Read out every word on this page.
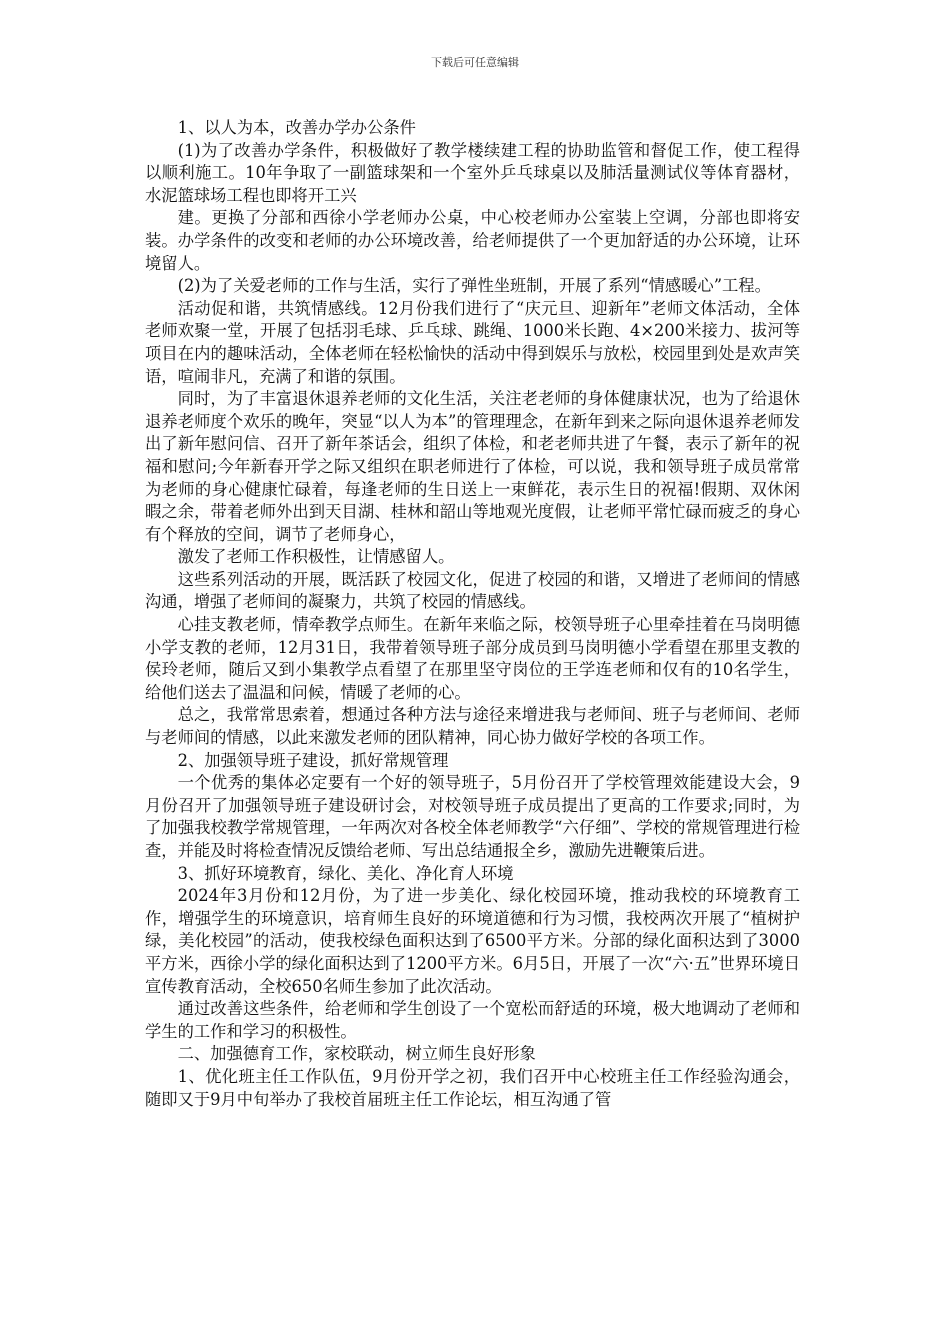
下载后可任意编辑

1、以人为本，改善办学办公条件

(1)为了改善办学条件，积极做好了教学楼续建工程的协助监管和督促工作，使工程得以顺利施工。10年争取了一副篮球架和一个室外乒乓球桌以及肺活量测试仪等体育器材，水泥篮球场工程也即将开工兴

建。更换了分部和西徐小学老师办公桌，中心校老师办公室装上空调，分部也即将安装。办学条件的改变和老师的办公环境改善，给老师提供了一个更加舒适的办公环境，让环境留人。

(2)为了关爱老师的工作与生活，实行了弹性坐班制，开展了系列“情感暖心”工程。

活动促和谐，共筑情感线。12月份我们进行了“庆元旦、迎新年”老师文体活动，全体老师欢聚一堂，开展了包括羽毛球、乒乓球、跳绳、1000米长跑、4×200米接力、拔河等项目在内的趣味活动，全体老师在轻松愉快的活动中得到娱乐与放松，校园里到处是欢声笑语，喧闹非凡，充满了和谐的氛围。

同时，为了丰富退休退养老师的文化生活，关注老老师的身体健康状况，也为了给退休退养老师度个欢乐的晚年，突显“以人为本”的管理理念，在新年到来之际向退休退养老师发出了新年慰问信、召开了新年茶话会，组织了体检，和老老师共进了午餐，表示了新年的祝福和慰问;今年新春开学之际又组织在职老师进行了体检，可以说，我和领导班子成员常常为老师的身心健康忙碌着，每逢老师的生日送上一束鲜花，表示生日的祝福!假期、双休闲暇之余，带着老师外出到天目湖、桂林和韶山等地观光度假，让老师平常忙碌而疲乏的身心有个释放的空间，调节了老师身心，

激发了老师工作积极性，让情感留人。

这些系列活动的开展，既活跃了校园文化，促进了校园的和谐，又增进了老师间的情感沟通，增强了老师间的凝聚力，共筑了校园的情感线。

心挂支教老师，情牵教学点师生。在新年来临之际，校领导班子心里牵挂着在马岗明德小学支教的老师，12月31日，我带着领导班子部分成员到马岗明德小学看望在那里支教的侯玲老师，随后又到小集教学点看望了在那里坚守岗位的王学连老师和仅有的10名学生，给他们送去了温温和问候，情暖了老师的心。

总之，我常常思索着，想通过各种方法与途径来增进我与老师间、班子与老师间、老师与老师间的情感，以此来激发老师的团队精神，同心协力做好学校的各项工作。

2、加强领导班子建设，抓好常规管理

一个优秀的集体必定要有一个好的领导班子，5月份召开了学校管理效能建设大会，9月份召开了加强领导班子建设研讨会，对校领导班子成员提出了更高的工作要求;同时，为了加强我校教学常规管理，一年两次对各校全体老师教学“六仔细”、学校的常规管理进行检查，并能及时将检查情况反馈给老师、写出总结通报全乡，激励先进鞭策后进。

3、抓好环境教育，绿化、美化、净化育人环境

2024年3月份和12月份，为了进一步美化、绿化校园环境，推动我校的环境教育工作，增强学生的环境意识，培育师生良好的环境道德和行为习惯，我校两次开展了“植树护绿，美化校园”的活动，使我校绿色面积达到了6500平方米。分部的绿化面积达到了3000平方米，西徐小学的绿化面积达到了1200平方米。6月5日，开展了一次“六·五”世界环境日宣传教育活动，全校650名师生参加了此次活动。

通过改善这些条件，给老师和学生创设了一个宽松而舒适的环境，极大地调动了老师和学生的工作和学习的积极性。

二、加强德育工作，家校联动，树立师生良好形象

1、优化班主任工作队伍，9月份开学之初，我们召开中心校班主任工作经验沟通会，随即又于9月中旬举办了我校首届班主任工作论坛，相互沟通了管
